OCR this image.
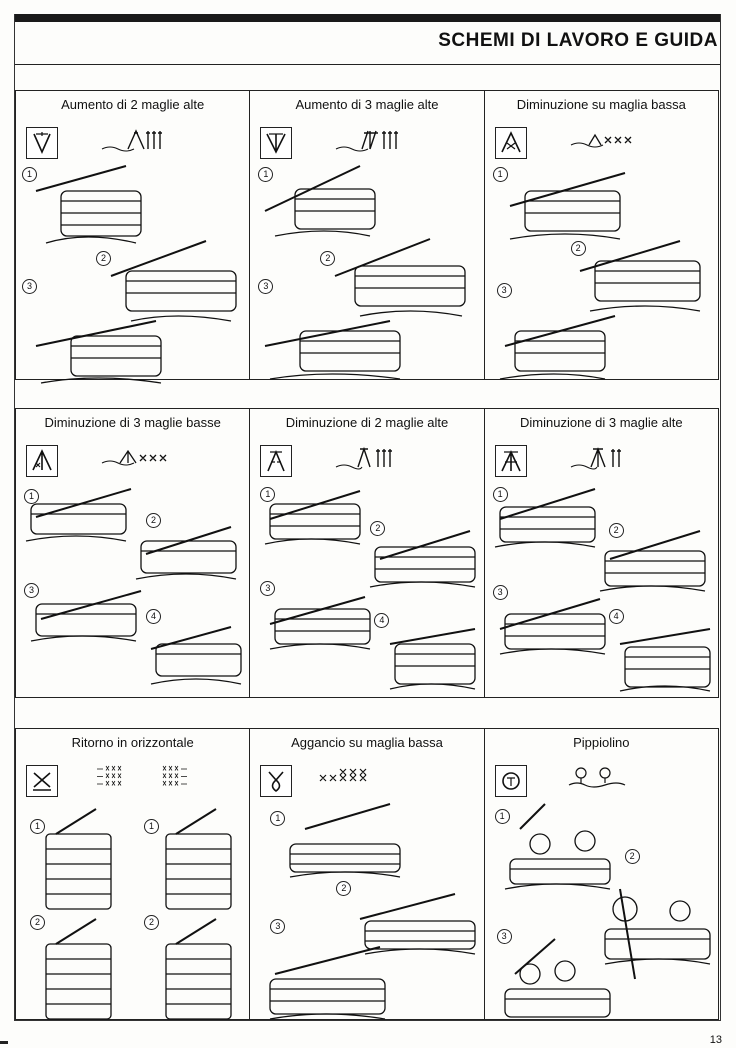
SCHEMI DI LAVORO E GUIDA
Aumento di 2 maglie alte
1
2
3
Aumento di 3 maglie alte
1
2
3
Diminuzione su maglia bassa
1
2
3
Diminuzione di 3 maglie basse
1
2
3
4
Diminuzione di 2 maglie alte
1
2
3
4
Diminuzione di 3 maglie alte
1
2
3
4
Ritorno in orizzontale
1	1
2	2
Aggancio su maglia bassa
1
2
3
Pippiolino
1
2
3
13
